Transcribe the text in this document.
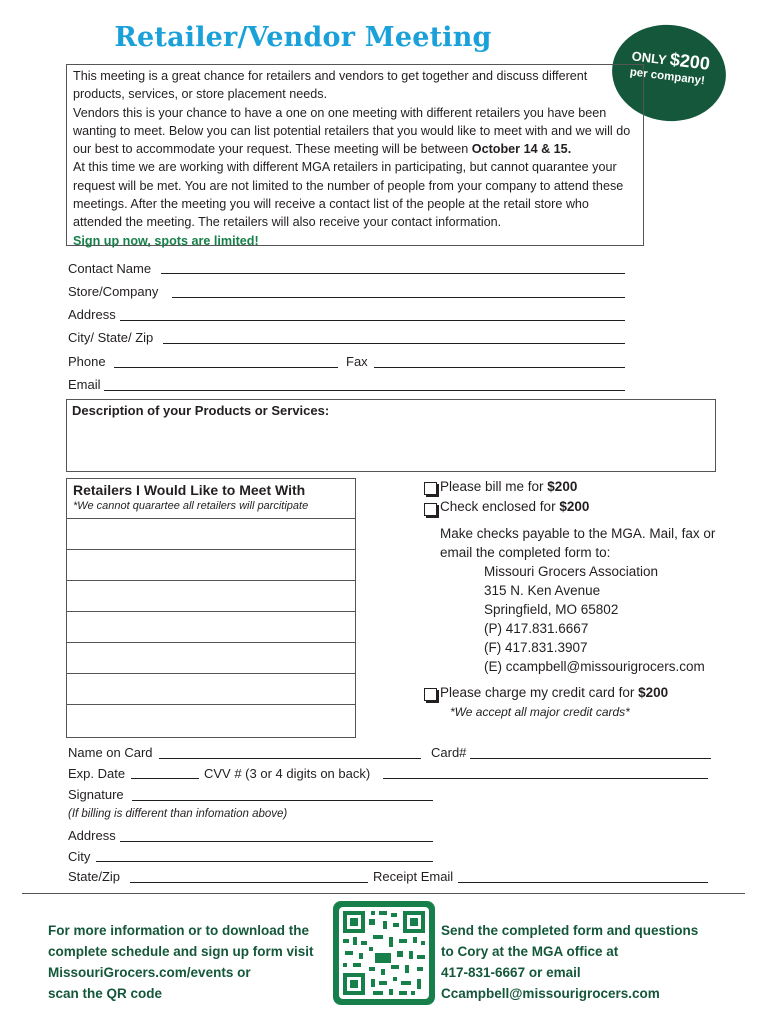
Retailer/Vendor Meeting
ONLY $200
per company!

This meeting is a great chance for retailers and vendors to get together and discuss different products, services, or store placement needs.

Vendors this is your chance to have a one on one meeting with different retailers you have been wanting to meet. Below you can list potential retailers that you would like to meet with and we will do our best to accommodate your request. These meeting will be between October 14 & 15.

At this time we are working with different MGA retailers in participating, but cannot quarantee your request will be met. You are not limited to the number of people from your company to attend these meetings. After the meeting you will receive a contact list of the people at the retail store who attended the meeting. The retailers will also receive your contact information.

Sign up now, spots are limited!

Contact Name
Store/Company
Address
City/ State/ Zip
Phone	Fax
Email
Description of your Products or Services:
Retailers I Would Like to Meet With
*We cannot quarartee all retailers will parcitipate
Please bill me for $200
Check enclosed for $200
Make checks payable to the MGA. Mail, fax or
email the completed form to:
Missouri Grocers Association
315 N. Ken Avenue
Springfield, MO 65802
(P) 417.831.6667
(F) 417.831.3907
(E) ccampbell@missourigrocers.com
Please charge my credit card for $200
*We accept all major credit cards*
Name on Card	Card#
Exp. Date	CVV # (3 or 4 digits on back)
Signature
(If billing is different than infomation above)
Address
City
State/Zip	Receipt Email
For more information or to download the
complete schedule and sign up form visit
MissouriGrocers.com/events or
scan the QR code
Send the completed form and questions
to Cory at the MGA office at
417-831-6667 or email
Ccampbell@missourigrocers.com
